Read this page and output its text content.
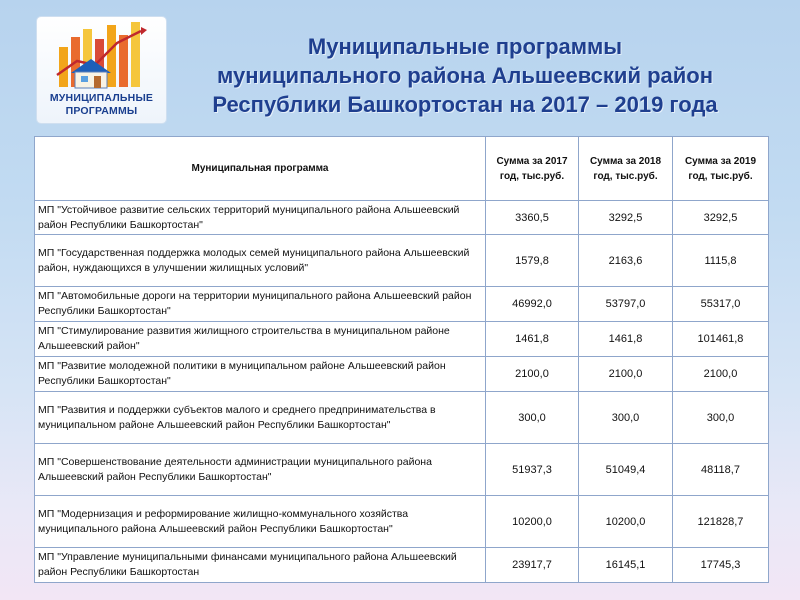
МУНИЦИПАЛЬНЫЕ
ПРОГРАММЫ
Муниципальные программы
муниципального района Альшеевский район
Республики Башкортостан на 2017 – 2019 года
Муниципальная программа	Сумма за 2017 год, тыс.руб.	Сумма за 2018 год, тыс.руб.	Сумма за 2019 год, тыс.руб.
МП "Устойчивое развитие сельских территорий муниципального района Альшеевский район Республики Башкортостан"	3360,5	3292,5	3292,5
МП "Государственная поддержка молодых семей муниципального района Альшеевский район, нуждающихся в улучшении жилищных условий"	1579,8	2163,6	1115,8
МП "Автомобильные дороги на территории муниципального района Альшеевский район Республики Башкортостан"	46992,0	53797,0	55317,0
МП "Стимулирование развития жилищного строительства в муниципальном районе Альшеевский район"	1461,8	1461,8	101461,8
МП "Развитие молодежной политики в муниципальном районе Альшеевский район Республики Башкортостан"	2100,0	2100,0	2100,0
МП "Развития и поддержки субъектов малого и среднего предпринимательства в муниципальном районе Альшеевский район Республики Башкортостан"	300,0	300,0	300,0
МП "Совершенствование деятельности администрации муниципального района Альшеевский район Республики Башкортостан"	51937,3	51049,4	48118,7
МП "Модернизация и реформирование жилищно-коммунального хозяйства муниципального района Альшеевский район Республики Башкортостан"	10200,0	10200,0	121828,7
МП "Управление муниципальными финансами муниципального района Альшеевский район Республики Башкортостан	23917,7	16145,1	17745,3
